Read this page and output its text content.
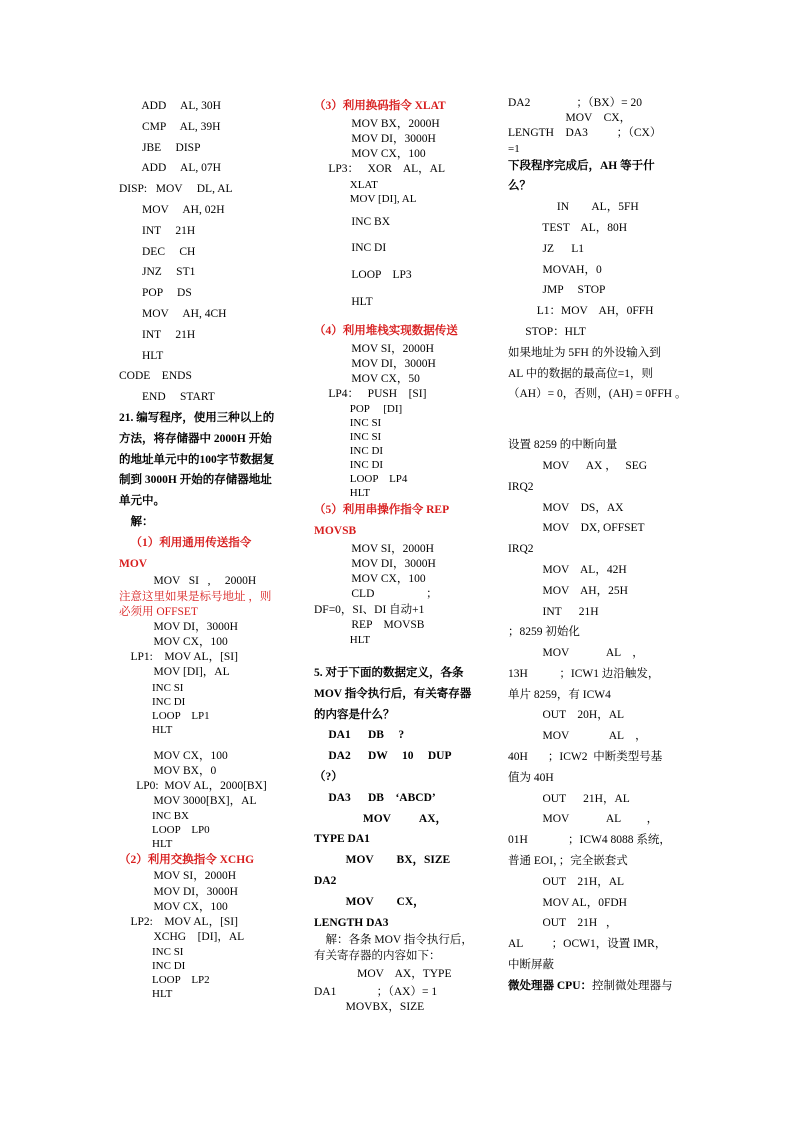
ADD     AL, 30H
CMP     AL, 39H
JBE     DISP
ADD     AL, 07H
DISP:   MOV     DL, AL
MOV     AH, 02H
INT     21H
DEC     CH
JNZ     ST1
POP     DS
MOV     AH, 4CH
INT     21H
HLT
CODE    ENDS
END     START
21. 编写程序，使用三种以上的
方法，将存储器中 2000H 开始
的地址单元中的100字节数据复
制到 3000H 开始的存储器地址
单元中。
解：
（1）利用通用传送指令
MOV
MOV   SI   ,     2000H
注意这里如果是标号地址 ，则
必须用 OFFSET
MOV DI，3000H
MOV CX，100
LP1:    MOV AL，[SI]
MOV [DI]，AL
INC SI
INC DI
LOOP    LP1
HLT
MOV CX，100
MOV BX，0
LP0:  MOV AL，2000[BX]
MOV 3000[BX]，AL
INC BX
LOOP    LP0
HLT
（2）利用交换指令 XCHG
MOV SI，2000H
MOV DI，3000H
MOV CX，100
LP2:    MOV AL，[SI]
XCHG    [DI]，AL
INC SI
INC DI
LOOP    LP2
HLT
（3）利用换码指令 XLAT
MOV BX，2000H
MOV DI，3000H
MOV CX，100
LP3：   XOR    AL，AL
XLAT
MOV [DI], AL
INC BX
INC DI
LOOP    LP3
HLT
（4）利用堆栈实现数据传送
MOV SI，2000H
MOV DI，3000H
MOV CX，50
LP4：   PUSH    [SI]
POP     [DI]
INC SI
INC SI
INC DI
INC DI
LOOP    LP4
HLT
（5）利用串操作指令 REP
MOVSB
MOV SI，2000H
MOV DI，3000H
MOV CX，100
CLD                  ；
DF=0，SI、DI 自动+1
REP    MOVSB
HLT
5. 对于下面的数据定义，各条
MOV 指令执行后，有关寄存器
的内容是什么？
DA1      DB     ?
DA2      DW     10     DUP
（?）
DA3      DB    ‘ABCD’
MOV          AX，
TYPE DA1
MOV        BX，SIZE
DA2
MOV        CX，
LENGTH DA3
解：各条 MOV 指令执行后，
有关寄存器的内容如下：
MOV    AX，TYPE
DA1              ；（AX）= 1
MOVBX，SIZE
DA2                ；（BX）= 20
MOV    CX，
LENGTH    DA3          ；（CX）
=1
下段程序完成后，AH 等于什
么？
IN        AL，5FH
TEST    AL，80H
JZ      L1
MOVAH，0
JMP     STOP
L1：MOV    AH，0FFH
STOP：HLT
如果地址为 5FH 的外设输入到
AL 中的数据的最高位=1，则
（AH）= 0，否则，(AH) = 0FFH 。
设置 8259 的中断向量
MOV      AX ，   SEG
IRQ2
MOV    DS，AX
MOV    DX, OFFSET
IRQ2
MOV    AL，42H
MOV    AH，25H
INT      21H
；8259 初始化
MOV             AL    ，
13H           ；ICW1 边沿触发，
单片 8259，有 ICW4
OUT    20H，AL
MOV              AL    ，
40H       ；ICW2  中断类型号基
值为 40H
OUT      21H，AL
MOV             AL         ，
01H              ；ICW4 8088 系统，
普通 EOI，；完全嵌套式
OUT    21H，AL
MOV AL，0FDH
OUT    21H   ，
AL          ；OCW1，设置 IMR，
中断屏蔽
微处理器 CPU：控制微处理器与
